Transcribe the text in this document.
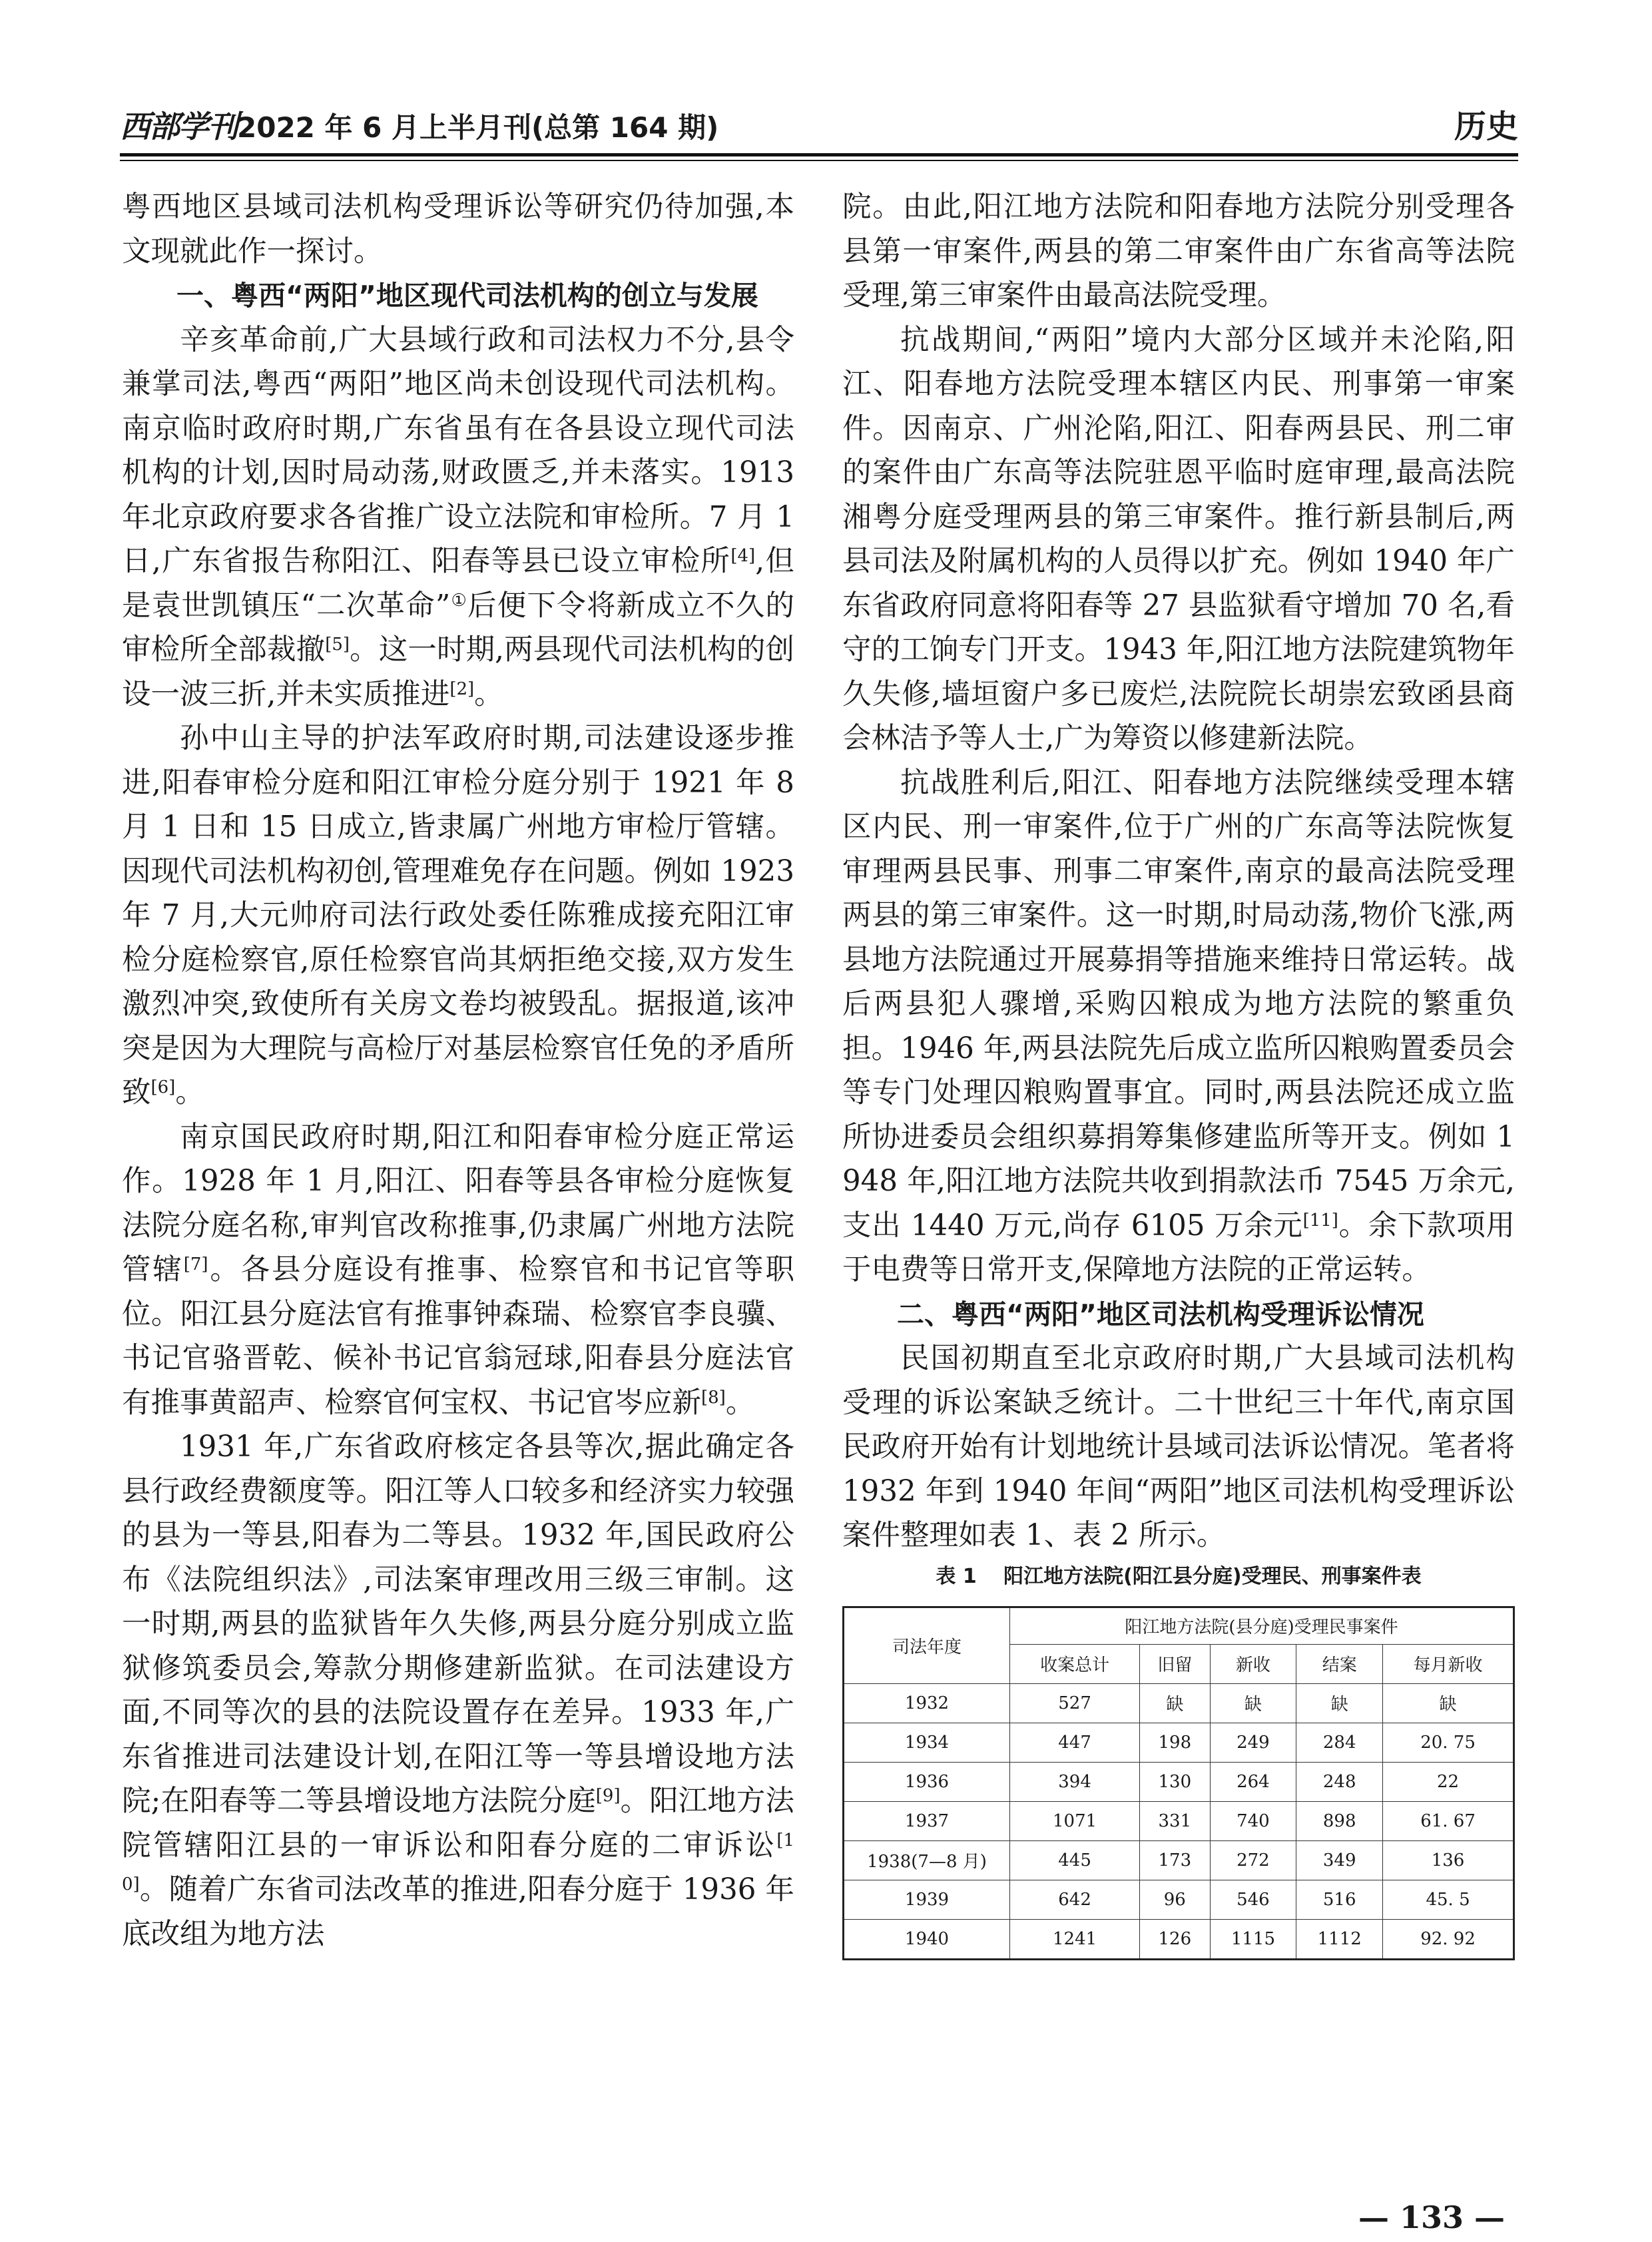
西部学刊2022 年 6 月上半月刊(总第 164 期)	历史

粤西地区县域司法机构受理诉讼等研究仍待加强,本文现就此作一探讨。

一、粤西“两阳”地区现代司法机构的创立与发展

辛亥革命前,广大县域行政和司法权力不分,县令兼掌司法,粤西“两阳”地区尚未创设现代司法机构。南京临时政府时期,广东省虽有在各县设立现代司法机构的计划,因时局动荡,财政匮乏,并未落实。1913 年北京政府要求各省推广设立法院和审检所。7 月 1 日,广东省报告称阳江、阳春等县已设立审检所[4],但是袁世凯镇压“二次革命”①后便下令将新成立不久的审检所全部裁撤[5]。这一时期,两县现代司法机构的创设一波三折,并未实质推进[2]。

孙中山主导的护法军政府时期,司法建设逐步推进,阳春审检分庭和阳江审检分庭分别于 1921 年 8 月 1 日和 15 日成立,皆隶属广州地方审检厅管辖。因现代司法机构初创,管理难免存在问题。例如 1923 年 7 月,大元帅府司法行政处委任陈雅成接充阳江审检分庭检察官,原任检察官尚其炳拒绝交接,双方发生激烈冲突,致使所有关房文卷均被毁乱。据报道,该冲突是因为大理院与高检厅对基层检察官任免的矛盾所致[6]。

南京国民政府时期,阳江和阳春审检分庭正常运作。1928 年 1 月,阳江、阳春等县各审检分庭恢复法院分庭名称,审判官改称推事,仍隶属广州地方法院管辖[7]。各县分庭设有推事、检察官和书记官等职位。阳江县分庭法官有推事钟森瑞、检察官李良骥、书记官骆晋乾、候补书记官翁冠球,阳春县分庭法官有推事黄韶声、检察官何宝权、书记官岑应新[8]。

1931 年,广东省政府核定各县等次,据此确定各县行政经费额度等。阳江等人口较多和经济实力较强的县为一等县,阳春为二等县。1932 年,国民政府公布《法院组织法》,司法案审理改用三级三审制。这一时期,两县的监狱皆年久失修,两县分庭分别成立监狱修筑委员会,筹款分期修建新监狱。在司法建设方面,不同等次的县的法院设置存在差异。1933 年,广东省推进司法建设计划,在阳江等一等县增设地方法院;在阳春等二等县增设地方法院分庭[9]。阳江地方法院管辖阳江县的一审诉讼和阳春分庭的二审诉讼[10]。随着广东省司法改革的推进,阳春分庭于 1936 年底改组为地方法

院。由此,阳江地方法院和阳春地方法院分别受理各县第一审案件,两县的第二审案件由广东省高等法院受理,第三审案件由最高法院受理。

抗战期间,“两阳”境内大部分区域并未沦陷,阳江、阳春地方法院受理本辖区内民、刑事第一审案件。因南京、广州沦陷,阳江、阳春两县民、刑二审的案件由广东高等法院驻恩平临时庭审理,最高法院湘粤分庭受理两县的第三审案件。推行新县制后,两县司法及附属机构的人员得以扩充。例如 1940 年广东省政府同意将阳春等 27 县监狱看守增加 70 名,看守的工饷专门开支。1943 年,阳江地方法院建筑物年久失修,墙垣窗户多已废烂,法院院长胡崇宏致函县商会林洁予等人士,广为筹资以修建新法院。

抗战胜利后,阳江、阳春地方法院继续受理本辖区内民、刑一审案件,位于广州的广东高等法院恢复审理两县民事、刑事二审案件,南京的最高法院受理两县的第三审案件。这一时期,时局动荡,物价飞涨,两县地方法院通过开展募捐等措施来维持日常运转。战后两县犯人骤增,采购囚粮成为地方法院的繁重负担。1946 年,两县法院先后成立监所囚粮购置委员会等专门处理囚粮购置事宜。同时,两县法院还成立监所协进委员会组织募捐筹集修建监所等开支。例如 1948 年,阳江地方法院共收到捐款法币 7545 万余元,支出 1440 万元,尚存 6105 万余元[11]。余下款项用于电费等日常开支,保障地方法院的正常运转。

二、粤西“两阳”地区司法机构受理诉讼情况

民国初期直至北京政府时期,广大县域司法机构受理的诉讼案缺乏统计。二十世纪三十年代,南京国民政府开始有计划地统计县域司法诉讼情况。笔者将 1932 年到 1940 年间“两阳”地区司法机构受理诉讼案件整理如表 1、表 2 所示。

表 1　 阳江地方法院(阳江县分庭)受理民、刑事案件表
司法年度	阳江地方法院(县分庭)受理民事案件				
	收案总计	旧留	新收	结案	每月新收
1932	527	缺	缺	缺	缺
1934	447	198	249	284	20. 75
1936	394	130	264	248	22
1937	1071	331	740	898	61. 67
1938(7—8 月)	445	173	272	349	136
1939	642	96	546	516	45. 5
1940	1241	126	1115	1112	92. 92
— 133 —
